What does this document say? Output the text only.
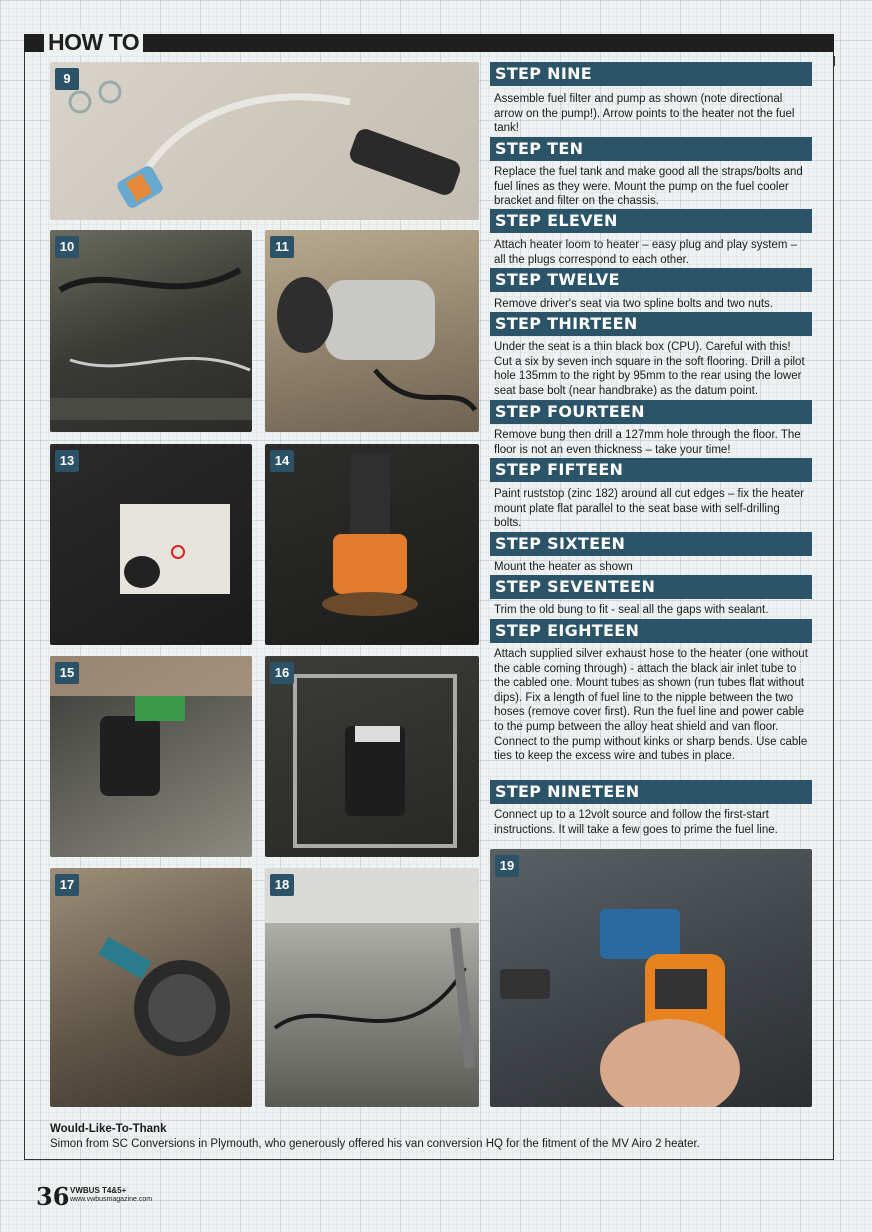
HOW TO
9
10	11
13	14
15	16
17	18
19
STEP NINE
Assemble fuel filter and pump as shown (note directional arrow on the pump!). Arrow points to the heater not the fuel tank!
STEP TEN
Replace the fuel tank and make good all the straps/bolts and fuel lines as they were. Mount the pump on the fuel cooler bracket and filter on the chassis.
STEP ELEVEN
Attach heater loom to heater – easy plug and play system – all the plugs correspond to each other.
STEP TWELVE
Remove driver's seat via two spline bolts and two nuts.
STEP THIRTEEN
Under the seat is a thin black box (CPU). Careful with this! Cut a six by seven inch square in the soft flooring. Drill a pilot hole 135mm to the right by 95mm to the rear using the lower seat base bolt (near handbrake) as the datum point.
STEP FOURTEEN
Remove bung then drill a 127mm hole through the floor. The floor is not an even thickness – take your time!
STEP FIFTEEN
Paint ruststop (zinc 182) around all cut edges – fix the heater mount plate flat parallel to the seat base with self-drilling bolts.
STEP SIXTEEN
Mount the heater as shown
STEP SEVENTEEN
Trim the old bung to fit - seal all the gaps with sealant.
STEP EIGHTEEN
Attach supplied silver exhaust hose to the heater (one without the cable coming through) - attach the black air inlet tube to the cabled one. Mount tubes as shown (run tubes flat without dips). Fix a length of fuel line to the nipple between the two hoses (remove cover first). Run the fuel line and power cable to the pump between the alloy heat shield and van floor. Connect to the pump without kinks or sharp bends. Use cable ties to keep the excess wire and tubes in place.
STEP NINETEEN
Connect up to a 12volt source and follow the first-start instructions. It will take a few goes to prime the fuel line.
Would-Like-To-Thank
Simon from SC Conversions in Plymouth, who generously offered his van conversion HQ for the fitment of the MV Airo 2 heater.
36 VWBUS T4&5+
www.vwbusmagazine.com
